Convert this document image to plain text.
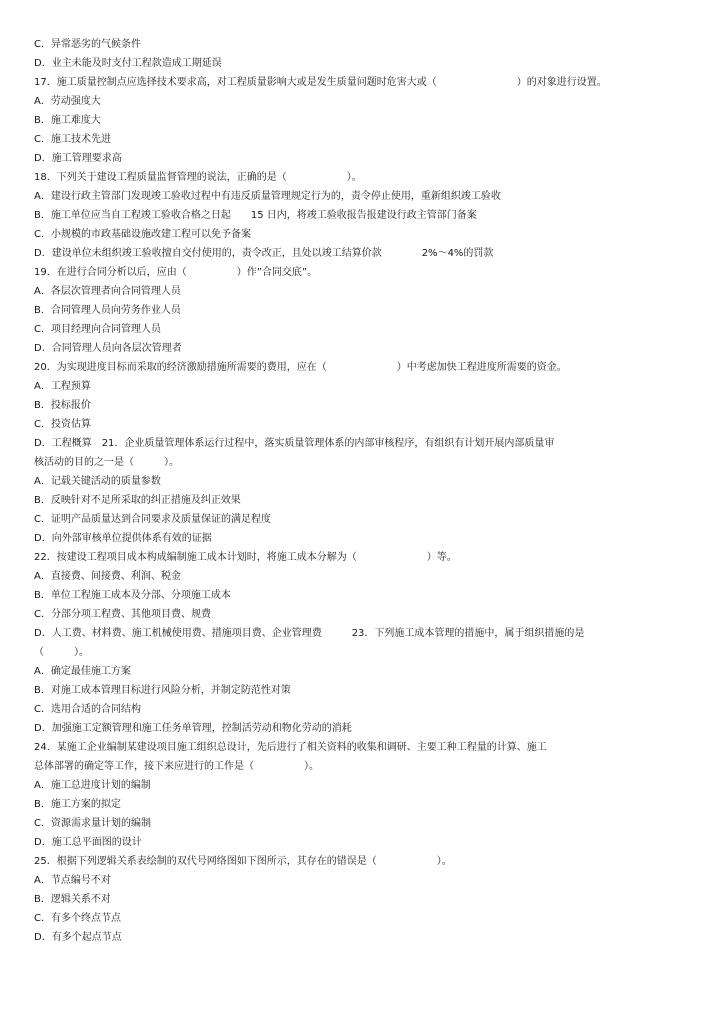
C．异常恶劣的气候条件
D．业主未能及时支付工程款造成工期延误
17．施工质量控制点应选择技术要求高，对工程质量影响大或是发生质量问题时危害大或（　　　　　　　　）的对象进行设置。
A．劳动强度大
B．施工难度大
C．施工技术先进
D．施工管理要求高
18．下列关于建设工程质量监督管理的说法，正确的是（　　　　　　）。
A．建设行政主管部门发现竣工验收过程中有违反质量管理规定行为的，责令停止使用，重新组织竣工验收
B．施工单位应当自工程竣工验收合格之日起　　15 日内，将竣工验收报告报建设行政主管部门备案
C．小规模的市政基础设施改建工程可以免予备案
D．建设单位未组织竣工验收擅自交付使用的，责令改正，且处以竣工结算价款　　　　2%～4%的罚款
19．在进行合同分析以后，应由（　　　　　）作”合同交底”。
A．各层次管理者向合同管理人员
B．合同管理人员向劳务作业人员
C．项目经理向合同管理人员
D．合同管理人员向各层次管理者
20．为实现进度目标而采取的经济激励措施所需要的费用，应在（　　　　　　　）中考虑加快工程进度所需要的资金。
A．工程预算
B．投标报价
C．投资估算
D．工程概算　21．企业质量管理体系运行过程中，落实质量管理体系的内部审核程序，有组织有计划开展内部质量审
核活动的目的之一是（　　　）。
A．记载关键活动的质量参数
B．反映针对不足所采取的纠正措施及纠正效果
C．证明产品质量达到合同要求及质量保证的满足程度
D．向外部审核单位提供体系有效的证据
22．按建设工程项目成本构成编制施工成本计划时，将施工成本分解为（　　　　　　　）等。
A．直接费、间接费、利润、税金
B．单位工程施工成本及分部、分项施工成本
C．分部分项工程费、其他项目费、规费
D．人工费、材料费、施工机械使用费、措施项目费、企业管理费　　　23．下列施工成本管理的措施中，属于组织措施的是
（　　　）。
A．确定最佳施工方案
B．对施工成本管理目标进行风险分析，并制定防范性对策
C．选用合适的合同结构
D．加强施工定额管理和施工任务单管理，控制活劳动和物化劳动的消耗
24．某施工企业编制某建设项目施工组织总设计，先后进行了相关资料的收集和调研、主要工种工程量的计算、施工
总体部署的确定等工作，接下来应进行的工作是（　　　　　）。
A．施工总进度计划的编制
B．施工方案的拟定
C．资源需求量计划的编制
D．施工总平面图的设计
25．根据下列逻辑关系表绘制的双代号网络图如下图所示，其存在的错误是（　　　　　　）。
A．节点编号不对
B．逻辑关系不对
C．有多个终点节点
D．有多个起点节点
